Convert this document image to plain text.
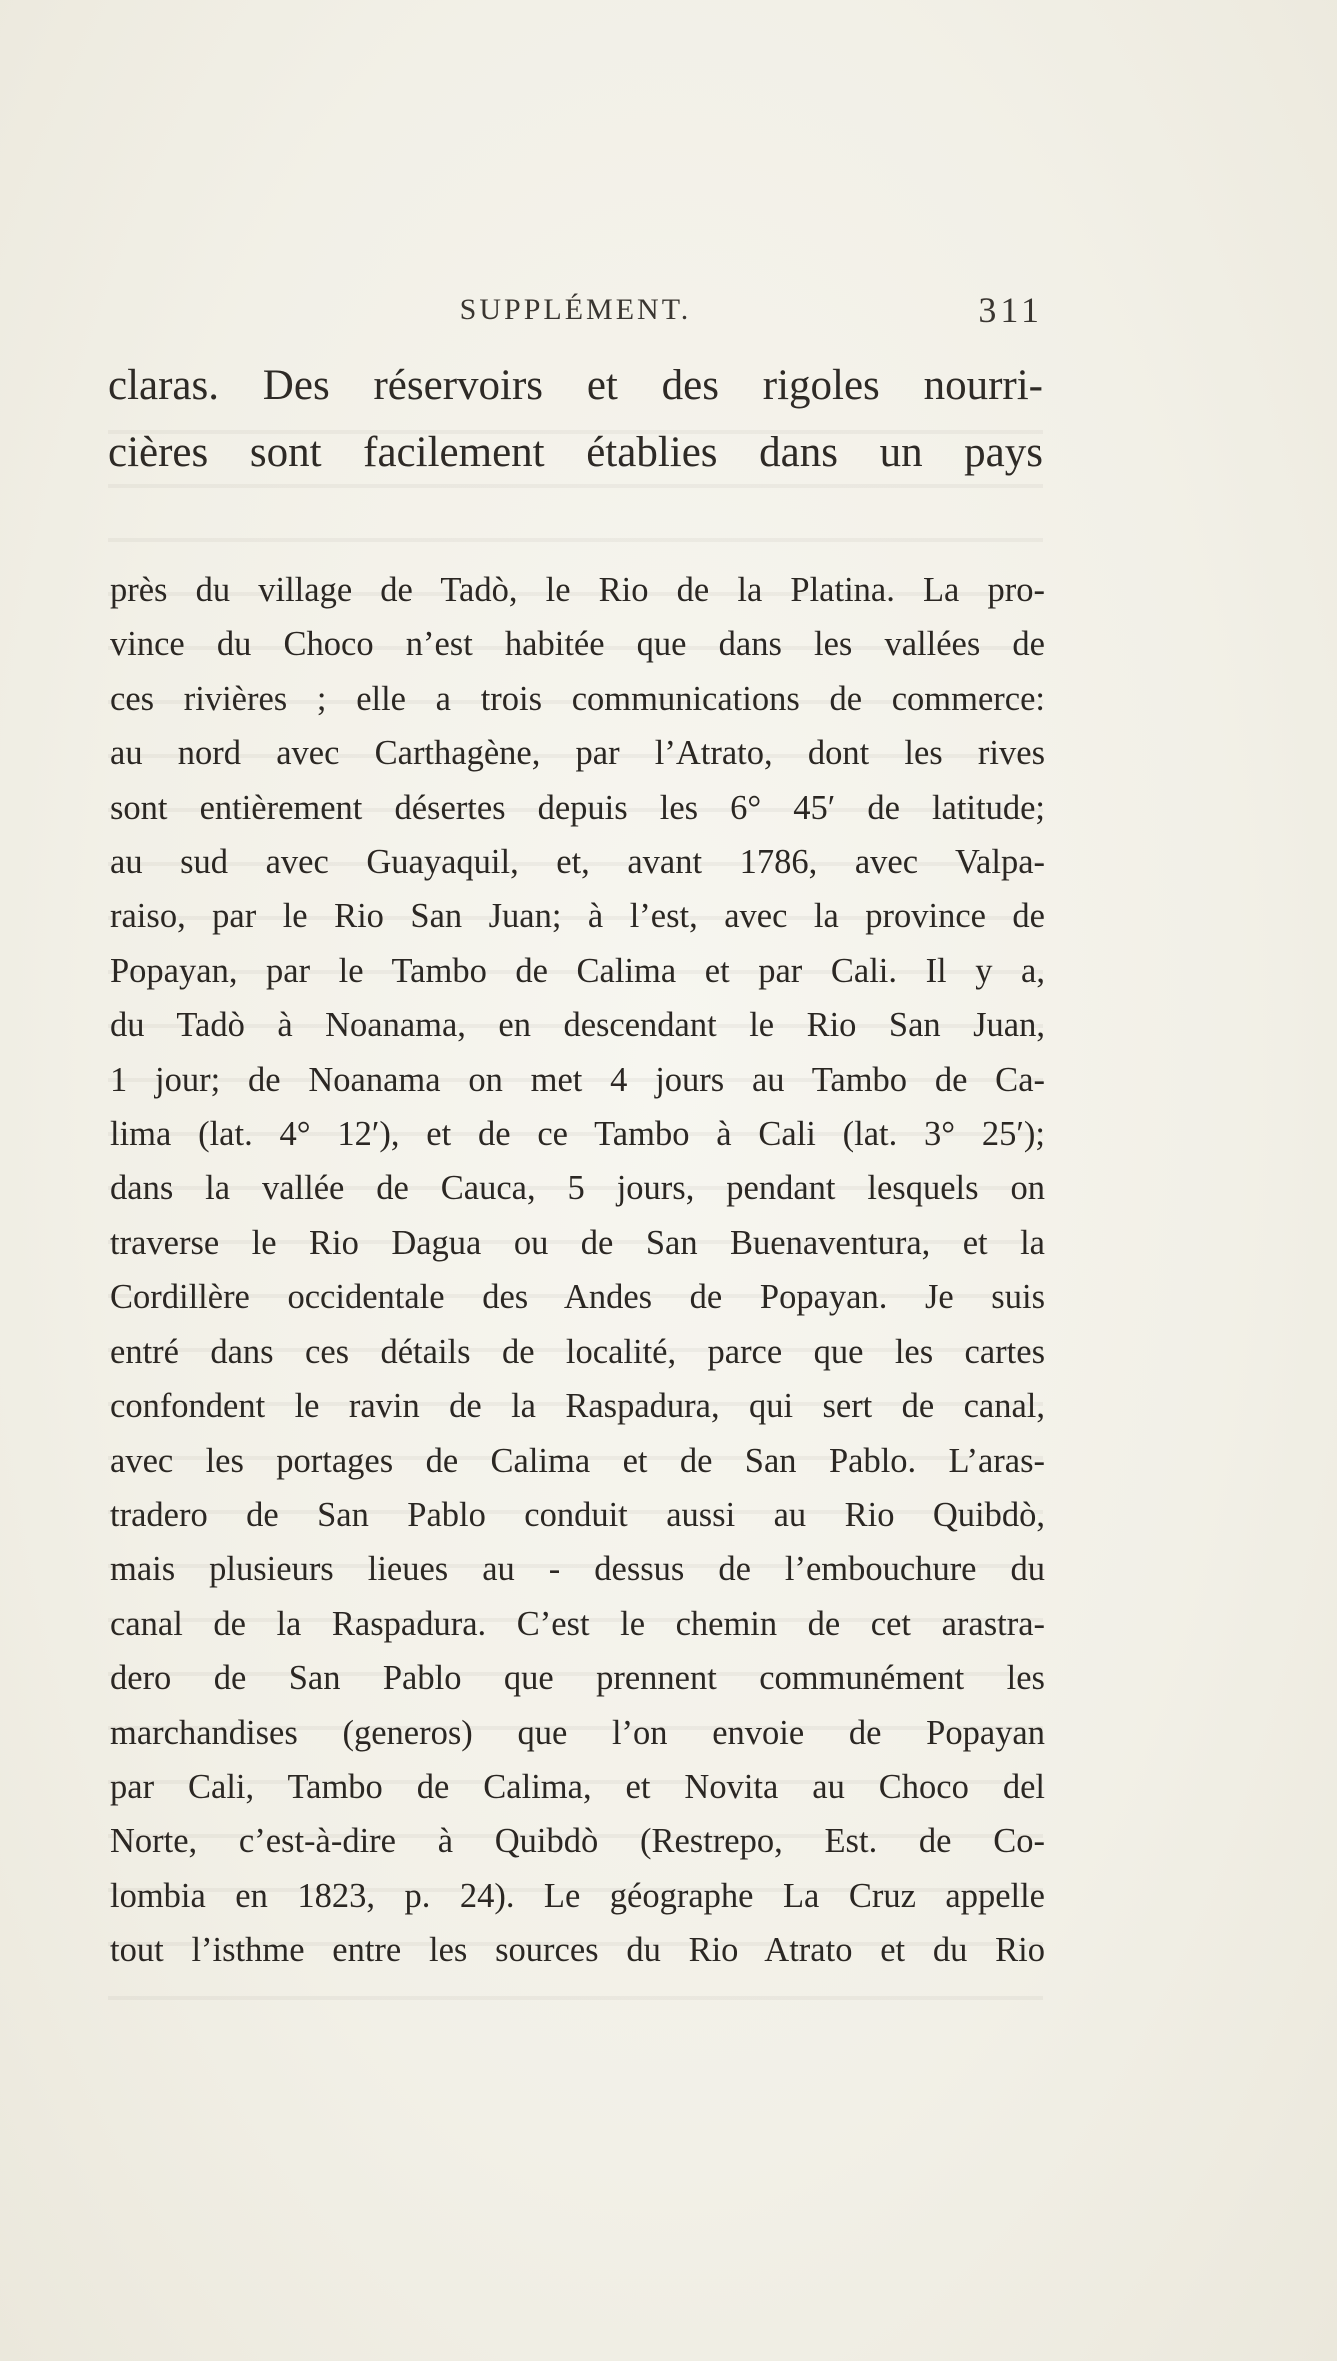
SUPPLÉMENT.	311
claras. Des réservoirs et des rigoles nourri-
cières sont facilement établies dans un pays
près du village de Tadò, le Rio de la Platina. La pro-
vince du Choco n’est habitée que dans les vallées de
ces rivières ; elle a trois communications de commerce:
au nord avec Carthagène, par l’Atrato, dont les rives
sont entièrement désertes depuis les 6° 45′ de latitude;
au sud avec Guayaquil, et, avant 1786, avec Valpa-
raiso, par le Rio San Juan; à l’est, avec la province de
Popayan, par le Tambo de Calima et par Cali. Il y a,
du Tadò à Noanama, en descendant le Rio San Juan,
1 jour; de Noanama on met 4 jours au Tambo de Ca-
lima (lat. 4° 12′), et de ce Tambo à Cali (lat. 3° 25′);
dans la vallée de Cauca, 5 jours, pendant lesquels on
traverse le Rio Dagua ou de San Buenaventura, et la
Cordillère occidentale des Andes de Popayan. Je suis
entré dans ces détails de localité, parce que les cartes
confondent le ravin de la Raspadura, qui sert de canal,
avec les portages de Calima et de San Pablo. L’aras-
tradero de San Pablo conduit aussi au Rio Quibdò,
mais plusieurs lieues au - dessus de l’embouchure du
canal de la Raspadura. C’est le chemin de cet arastra-
dero de San Pablo que prennent communément les
marchandises (generos) que l’on envoie de Popayan
par Cali, Tambo de Calima, et Novita au Choco del
Norte, c’est-à-dire à Quibdò (Restrepo, Est. de Co-
lombia en 1823, p. 24). Le géographe La Cruz appelle
tout l’isthme entre les sources du Rio Atrato et du Rio
